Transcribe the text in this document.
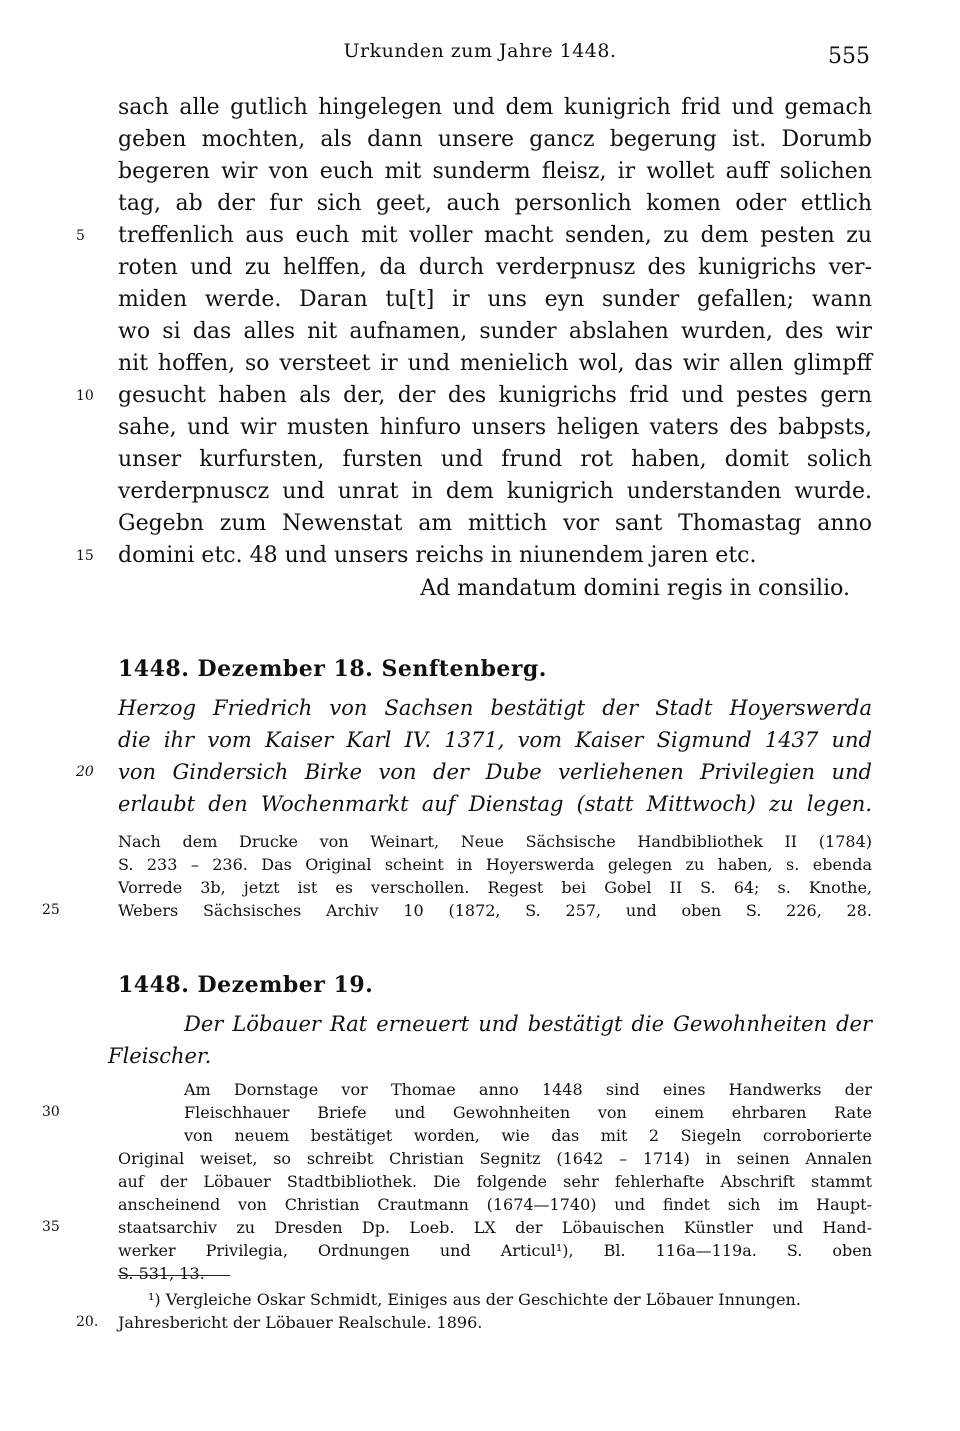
Urkunden zum Jahre 1448.	555
sach alle gutlich hingelegen und dem kunigrich frid und gemach
geben mochten, als dann unsere gancz begerung ist. Dorumb
begeren wir von euch mit sunderm fleisz, ir wollet auff solichen
tag, ab der fur sich geet, auch personlich komen oder ettlich
5	treffenlich aus euch mit voller macht senden, zu dem pesten zu
roten und zu helffen, da durch verderpnusz des kunigrichs ver-
miden werde. Daran tu[t] ir uns eyn sunder gefallen; wann
wo si das alles nit aufnamen, sunder abslahen wurden, des wir
nit hoffen, so versteet ir und menielich wol, das wir allen glimpff
10 gesucht haben als der, der des kunigrichs frid und pestes gern
sahe, und wir musten hinfuro unsers heligen vaters des babpsts,
unser kurfursten, fursten und frund rot haben, domit solich
verderpnuscz und unrat in dem kunigrich understanden wurde.
Gegebn zum Newenstat am mittich vor sant Thomastag anno
15 domini etc. 48 und unsers reichs in niunendem jaren etc.
Ad mandatum domini regis in consilio.
1448. Dezember 18. Senftenberg.
Herzog Friedrich von Sachsen bestätigt der Stadt Hoyerswerda
die ihr vom Kaiser Karl IV. 1371, vom Kaiser Sigmund 1437 und
20 von Gindersich Birke von der Dube verliehenen Privilegien und
erlaubt den Wochenmarkt auf Dienstag (statt Mittwoch) zu legen.
Nach dem Drucke von Weinart, Neue Sächsische Handbibliothek II (1784)
S. 233 – 236. Das Original scheint in Hoyerswerda gelegen zu haben, s. ebenda
Vorrede 3b, jetzt ist es verschollen. Regest bei Gobel II S. 64; s. Knothe,
25	Webers Sächsisches Archiv 10 (1872, S. 257, und oben S. 226, 28.
1448. Dezember 19.
Der Löbauer Rat erneuert und bestätigt die Gewohnheiten der
Fleischer.
Am Dornstage vor Thomae anno 1448 sind eines Handwerks der
30	Fleischhauer Briefe und Gewohnheiten von einem ehrbaren Rate
von neuem bestätiget worden, wie das mit 2 Siegeln corroborierte
Original weiset, so schreibt Christian Segnitz (1642 – 1714) in seinen Annalen
auf der Löbauer Stadtbibliothek. Die folgende sehr fehlerhafte Abschrift stammt
anscheinend von Christian Crautmann (1674—1740) und findet sich im Haupt-
35	staatsarchiv zu Dresden Dp. Loeb. LX der Löbauischen Künstler und Hand-
werker Privilegia, Ordnungen und Articul¹), Bl. 116a—119a. S. oben
S. 531, 13.
¹) Vergleiche Oskar Schmidt, Einiges aus der Geschichte der Löbauer Innungen.
20. Jahresbericht der Löbauer Realschule. 1896.
